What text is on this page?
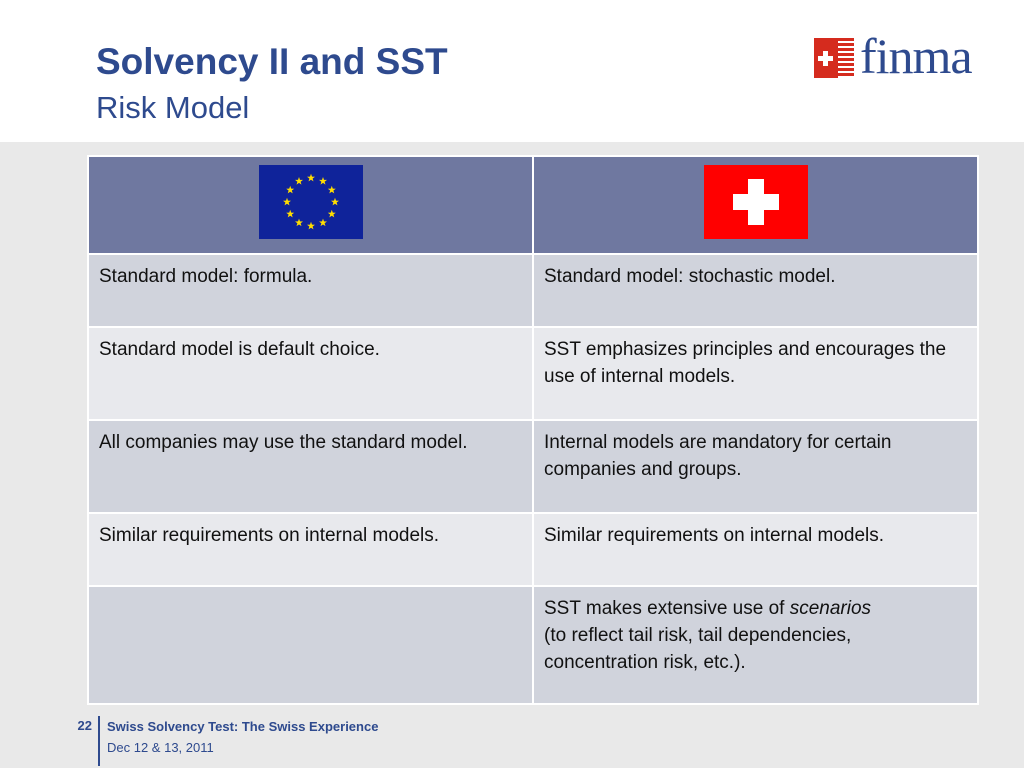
Solvency II and SST
Risk Model
finma

Standard model: formula.	Standard model: stochastic model.
Standard model is default choice.	SST emphasizes principles and encourages the use of internal models.
All companies may use the standard model.	Internal models are mandatory for certain companies and groups.
Similar requirements on internal models.	Similar requirements on internal models.
	SST makes extensive use of scenarios
(to reflect tail risk, tail dependencies, concentration risk, etc.).
22 Swiss Solvency Test: The Swiss Experience
Dec 12 & 13, 2011
